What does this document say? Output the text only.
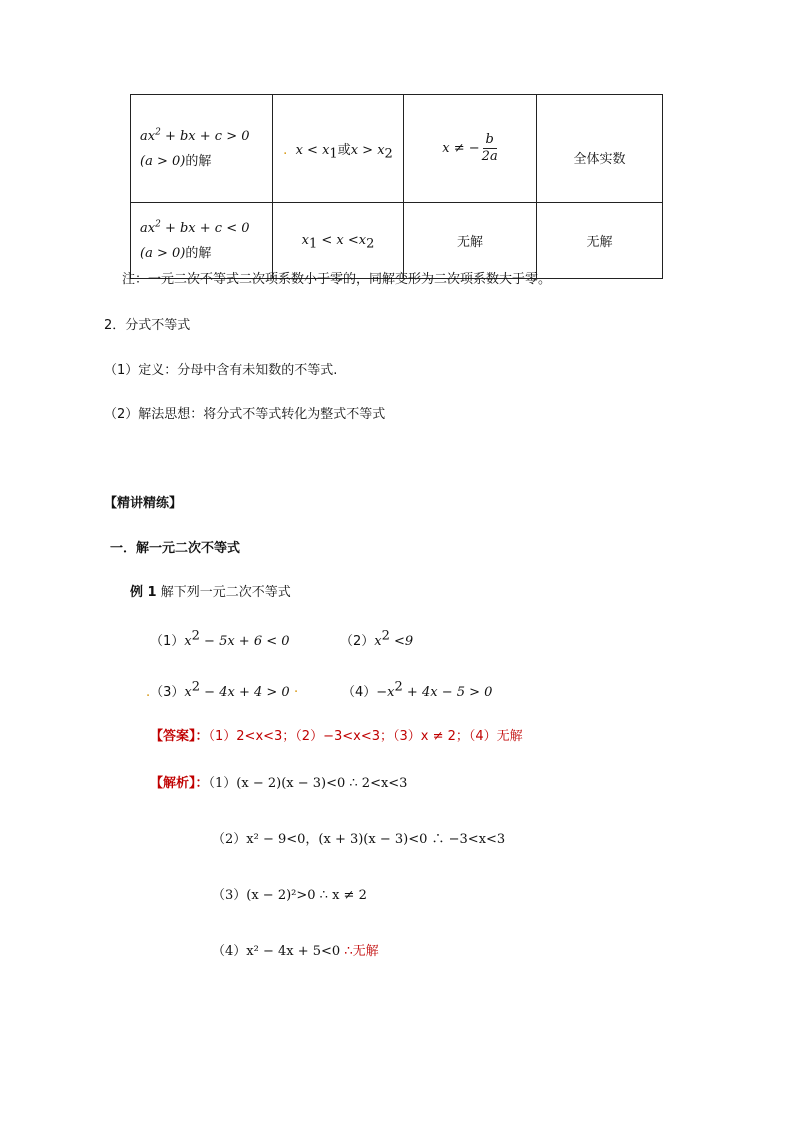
$ax^2$ + bx + c > 0
(a > 0)的解	. $x < x_1$或$x > x_2$	x ≠ − $\frac{b}{2a}$	全体实数
$ax^2$ + bx + c < 0
(a > 0)的解	$x_1 < x <x_2$	无解	无解
注：一元二次不等式二次项系数小于零的，同解变形为二次项系数大于零。
2．分式不等式
（1）定义：分母中含有未知数的不等式.
（2）解法思想：将分式不等式转化为整式不等式
【精讲精练】
一．解一元二次不等式
例 1 解下列一元二次不等式
$(1)x^2 - 5x + 6 < 0$	$(2)x^2 <9$
$.(3)x^2 - 4x + 4 > 0$ .	$(4)-x^2 + 4x - 5 > 0$
【答案】：（1）2<x<3；（2）−3<x<3；（3）x ≠ 2；（4）无解
【解析】：（1）(x − 2)(x − 3)<0 ∴ 2<x<3
（2）x² − 9<0，(x + 3)(x − 3)<0 ∴ −3<x<3
（3）(x − 2)²>0 ∴ x ≠ 2
（4）x² − 4x + 5<0 ∴无解
